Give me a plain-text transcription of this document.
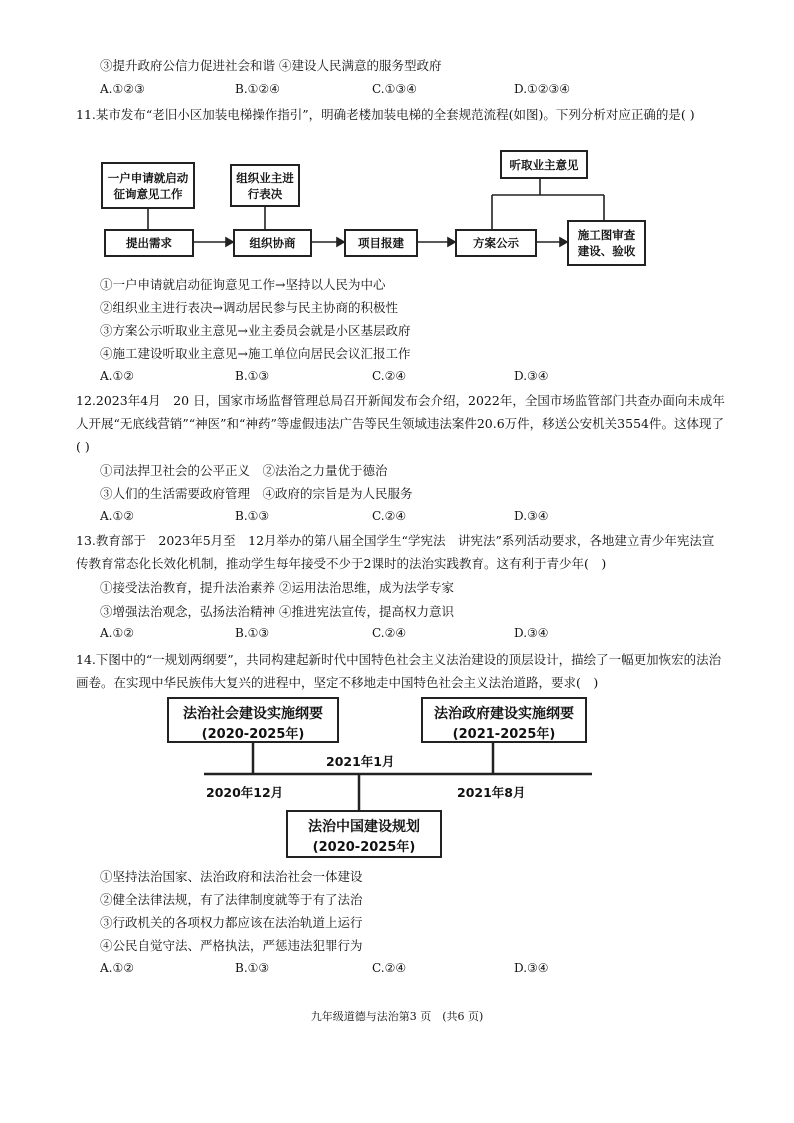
③提升政府公信力促进社会和谐 ④建设人民满意的服务型政府
A.①②③	B.①②④	C.①③④	D.①②③④
11.某市发布“老旧小区加装电梯操作指引”，明确老楼加装电梯的全套规范流程(如图)。下列分析对应正确的是( )
一户申请就启动征询意见工作
组织业主进行表决
听取业主意见
提出需求	组织协商	项目报建	方案公示
施工图审查建设、验收
①一户申请就启动征询意见工作→坚持以人民为中心
②组织业主进行表决→调动居民参与民主协商的积极性
③方案公示听取业主意见→业主委员会就是小区基层政府
④施工建设听取业主意见→施工单位向居民会议汇报工作
A.①②	B.①③	C.②④	D.③④
12.2023年4月　20 日，国家市场监督管理总局召开新闻发布会介绍，2022年，全国市场监管部门共查办面向未成年人开展“无底线营销”“神医”和“神药”等虚假违法广告等民生领域违法案件20.6万件，移送公安机关3554件。这体现了( )
①司法捍卫社会的公平正义　②法治之力量优于德治
③人们的生活需要政府管理　④政府的宗旨是为人民服务
A.①②	B.①③	C.②④	D.③④
13.教育部于　2023年5月至　12月举办的第八届全国学生“学宪法　讲宪法”系列活动要求，各地建立青少年宪法宣传教育常态化长效化机制，推动学生每年接受不少于2课时的法治实践教育。这有利于青少年(　)
①接受法治教育，提升法治素养 ②运用法治思维，成为法学专家
③增强法治观念，弘扬法治精神 ④推进宪法宣传，提高权力意识
A.①②	B.①③	C.②④	D.③④
14.下图中的“一规划两纲要”，共同构建起新时代中国特色社会主义法治建设的顶层设计，描绘了一幅更加恢宏的法治画卷。在实现中华民族伟大复兴的进程中，坚定不移地走中国特色社会主义法治道路，要求(　)
法治社会建设实施纲要
(2020-2025年)
法治政府建设实施纲要
(2021-2025年)
法治中国建设规划
(2020-2025年)
2020年12月
2021年1月
2021年8月
①坚持法治国家、法治政府和法治社会一体建设
②健全法律法规，有了法律制度就等于有了法治
③行政机关的各项权力都应该在法治轨道上运行
④公民自觉守法、严格执法，严惩违法犯罪行为
A.①②	B.①③	C.②④	D.③④
九年级道德与法治第3 页　(共6 页)
